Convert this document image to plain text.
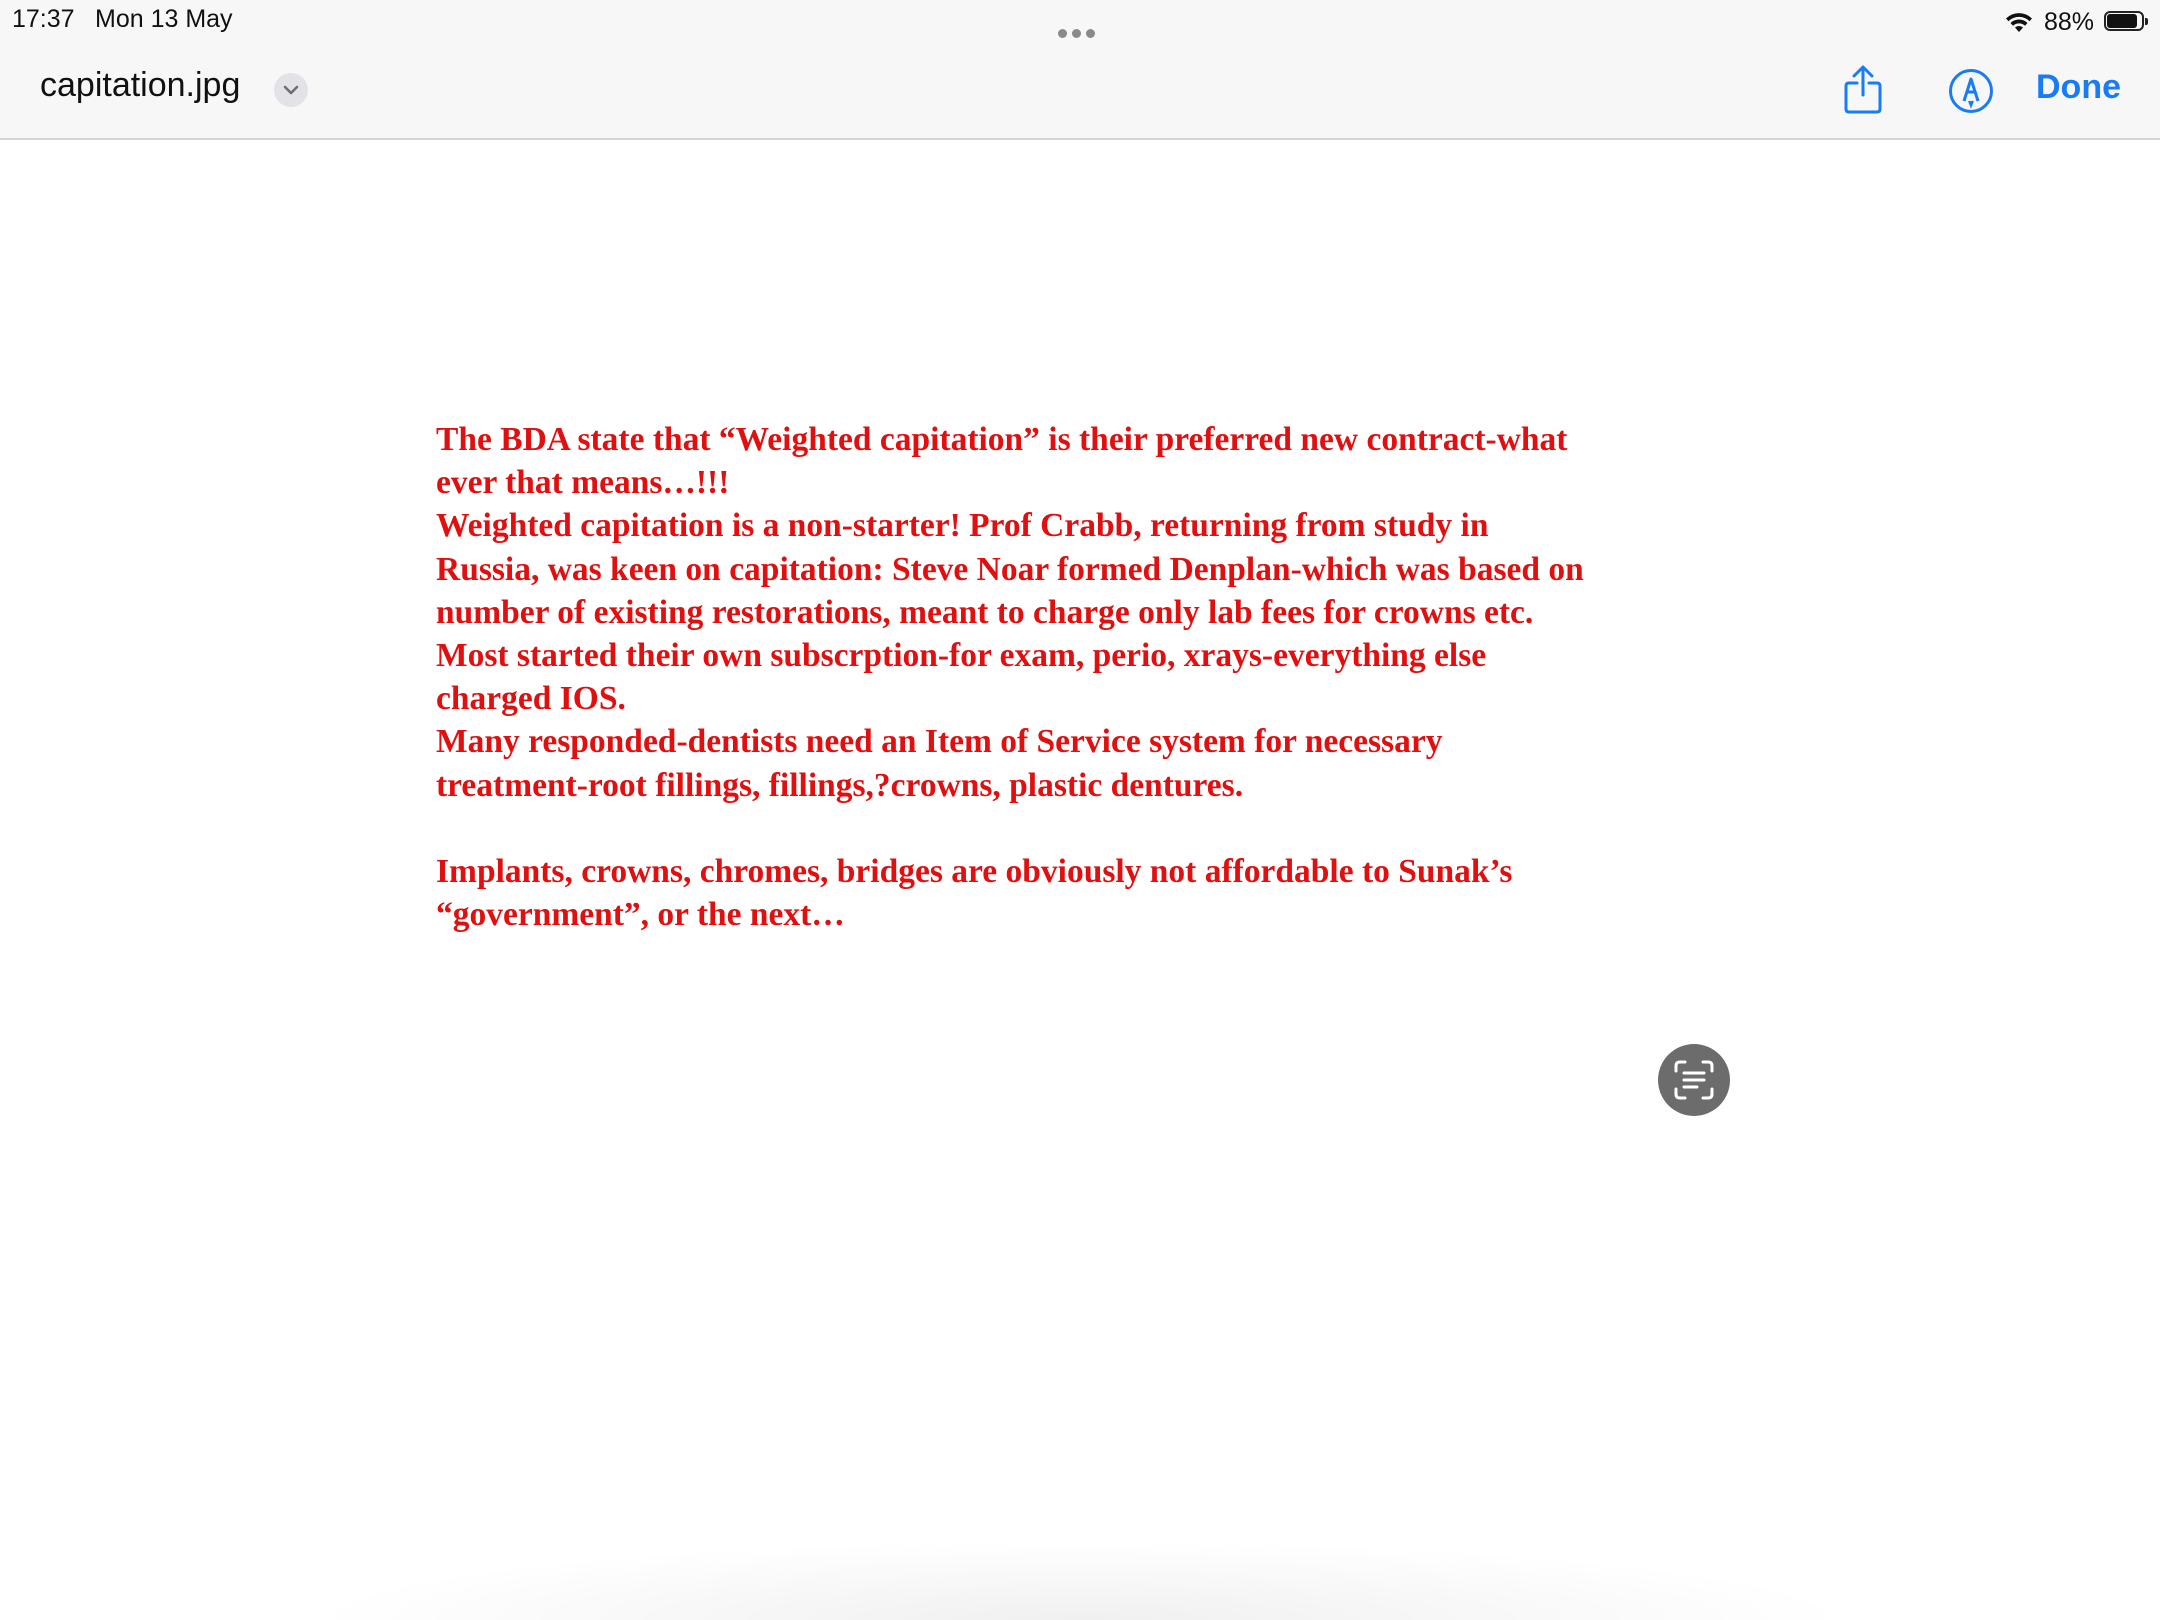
17:37 Mon 13 May	88%
capitation.jpg	Done
The BDA state that “Weighted capitation” is their preferred new contract-what
ever that means…!!!
Weighted capitation is a non-starter! Prof Crabb, returning from study in
Russia, was keen on capitation: Steve Noar formed Denplan-which was based on
number of existing restorations, meant to charge only lab fees for crowns etc.
Most started their own subscrption-for exam, perio, xrays-everything else
charged IOS.
Many responded-dentists need an Item of Service system for necessary
treatment-root fillings, fillings,?crowns, plastic dentures.
Implants, crowns, chromes, bridges are obviously not affordable to Sunak’s
“government”, or the next…
